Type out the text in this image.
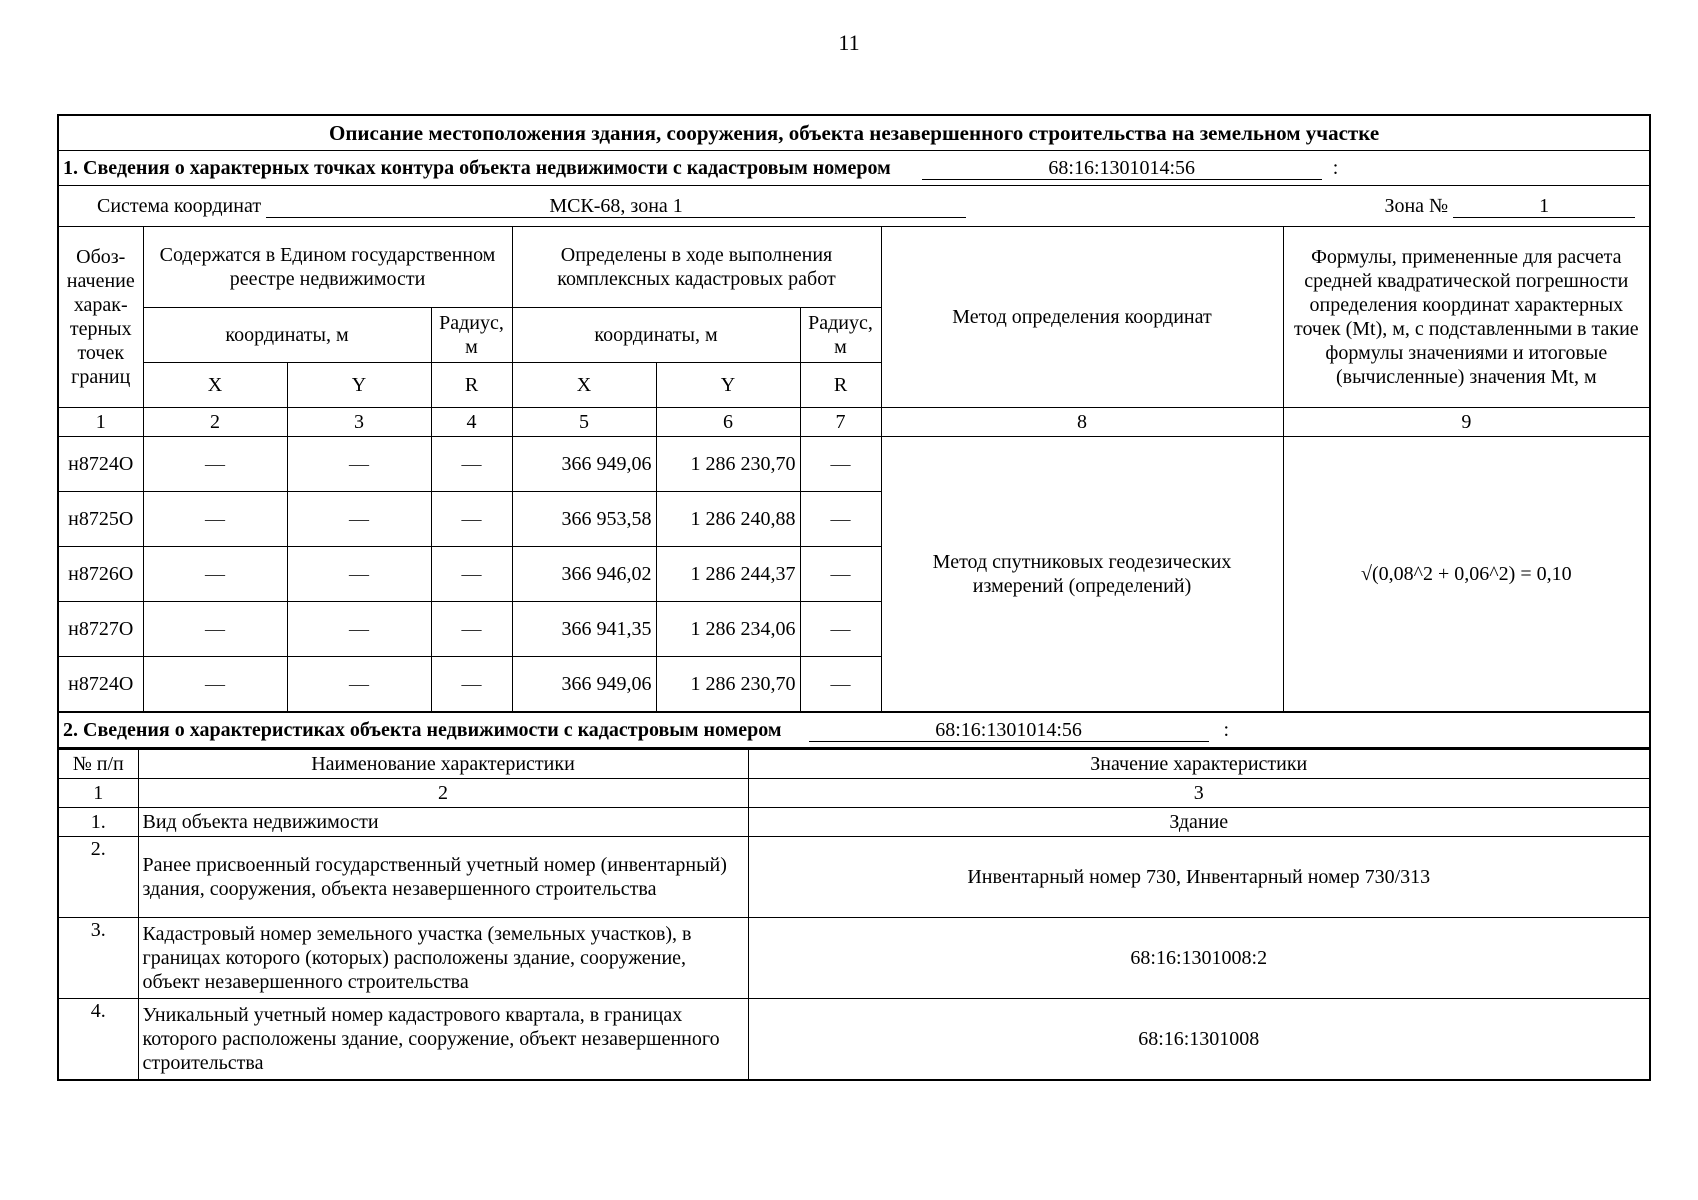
11
Описание местоположения здания, сооружения, объекта незавершенного строительства на земельном участке								
1. Сведения о характерных точках контура объекта недвижимости с кадастровым номером 68:16:1301014:56 :								
Система координат МСК-68, зона 1 Зона № 1								

Обоз-начение харак-терных точек границ	Содержатся в Едином государственном реестре недвижимости			Определены в ходе выполнения комплексных кадастровых работ			Метод определения координат	Формулы, примененные для расчета средней квадратической погрешности определения координат характерных точек (Mt), м, с подставленными в такие формулы значениями и итоговые (вычисленные) значения Mt, м
	координаты, м		Радиус, м	координаты, м		Радиус, м		
	X	Y	R	X	Y	R		
1	2	3	4	5	6	7	8	9
н8724О	—	—	—	366 949,06	1 286 230,70	—	Метод спутниковых геодезических измерений (определений)	√(0,08^2 + 0,06^2) = 0,10
н8725О	—	—	—	366 953,58	1 286 240,88	—		
н8726О	—	—	—	366 946,02	1 286 244,37	—		
н8727О	—	—	—	366 941,35	1 286 234,06	—		
н8724О	—	—	—	366 949,06	1 286 230,70	—		
2. Сведения о характеристиках объекта недвижимости с кадастровым номером 68:16:1301014:56 :								
№ п/п	Наименование характеристики	Значение характеристики
1	2	3
1.	Вид объекта недвижимости	Здание
2.	Ранее присвоенный государственный учетный номер (инвентарный) здания, сооружения, объекта незавершенного строительства	Инвентарный номер 730, Инвентарный номер 730/313
3.	Кадастровый номер земельного участка (земельных участков), в границах которого (которых) расположены здание, сооружение, объект незавершенного строительства	68:16:1301008:2
4.	Уникальный учетный номер кадастрового квартала, в границах которого расположены здание, сооружение, объект незавершенного строительства	68:16:1301008
